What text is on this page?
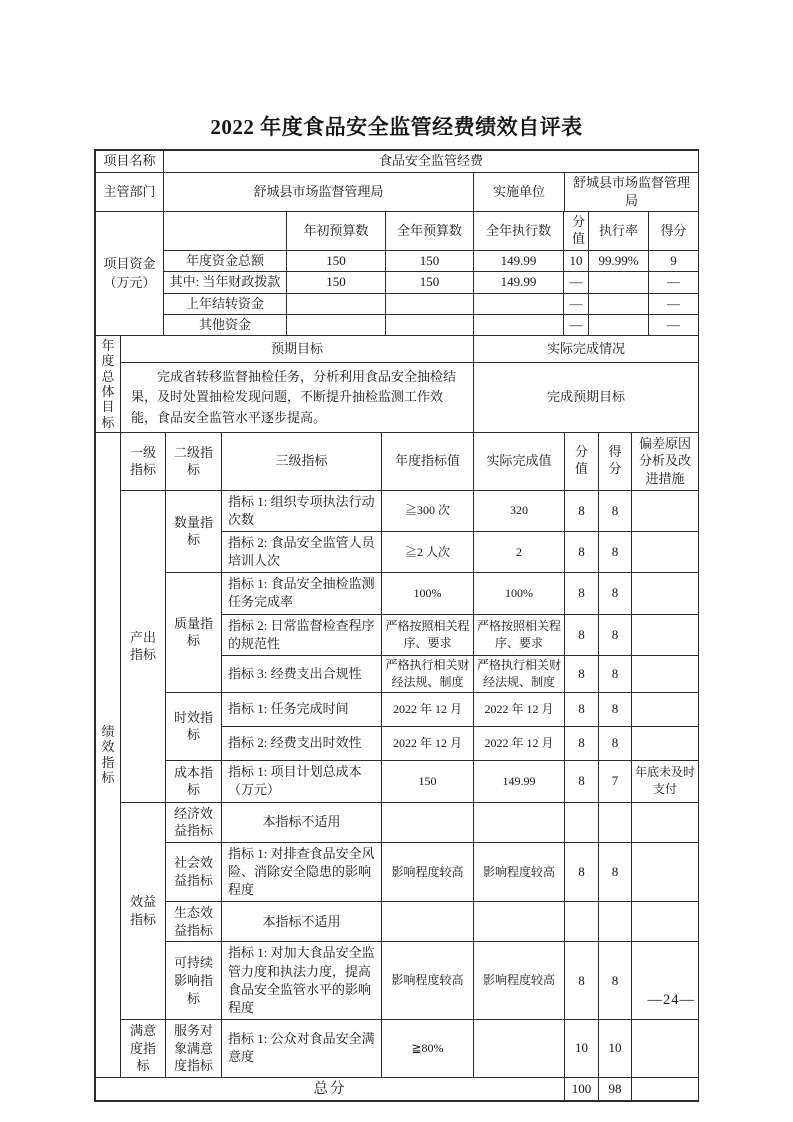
2022 年度食品安全监管经费绩效自评表
项目名称	食品安全监管经费		
主管部门	舒城县市场监督管理局	实施单位	舒城县市场监督管理局
项目资金（万元）		年初预算数	全年预算数	全年执行数	分值	执行率	得分
	年度资金总额	150	150	149.99	10	99.99%	9
	其中: 当年财政拨款	150	150	149.99	—		—
	上年结转资金				—		—
	其他资金				—		—
年度总体目标	预期目标	实际完成情况
	完成省转移监督抽检任务，分析利用食品安全抽检结果，及时处置抽检发现问题，不断提升抽检监测工作效能，食品安全监管水平逐步提高。	完成预期目标
绩效指标	一级指标	二级指标	三级指标	年度指标值	实际完成值	分值	得分	偏差原因分析及改进措施
	产出指标	数量指标	指标 1: 组织专项执法行动次数	≧300 次	320	8	8	
			指标 2: 食品安全监管人员培训人次	≧2 人次	2	8	8	
		质量指标	指标 1: 食品安全抽检监测任务完成率	100%	100%	8	8	
			指标 2: 日常监督检查程序的规范性	严格按照相关程序、要求	严格按照相关程序、要求	8	8	
			指标 3: 经费支出合规性	严格执行相关财经法规、制度	严格执行相关财经法规、制度	8	8	
		时效指标	指标 1: 任务完成时间	2022 年 12 月	2022 年 12 月	8	8	
			指标 2: 经费支出时效性	2022 年 12 月	2022 年 12 月	8	8	
		成本指标	指标 1: 项目计划总成本（万元）	150	149.99	8	7	年底未及时支付
	效益指标	经济效益指标	本指标不适用					
		社会效益指标	指标 1: 对排查食品安全风险、消除安全隐患的影响程度	影响程度较高	影响程度较高	8	8	
		生态效益指标	本指标不适用					
		可持续影响指标	指标 1: 对加大食品安全监管力度和执法力度，提高食品安全监管水平的影响程度	影响程度较高	影响程度较高	8	8	
	满意度指标	服务对象满意度指标	指标 1: 公众对食品安全满意度	≧80%		10	10	
总分						100	98	
—24—
